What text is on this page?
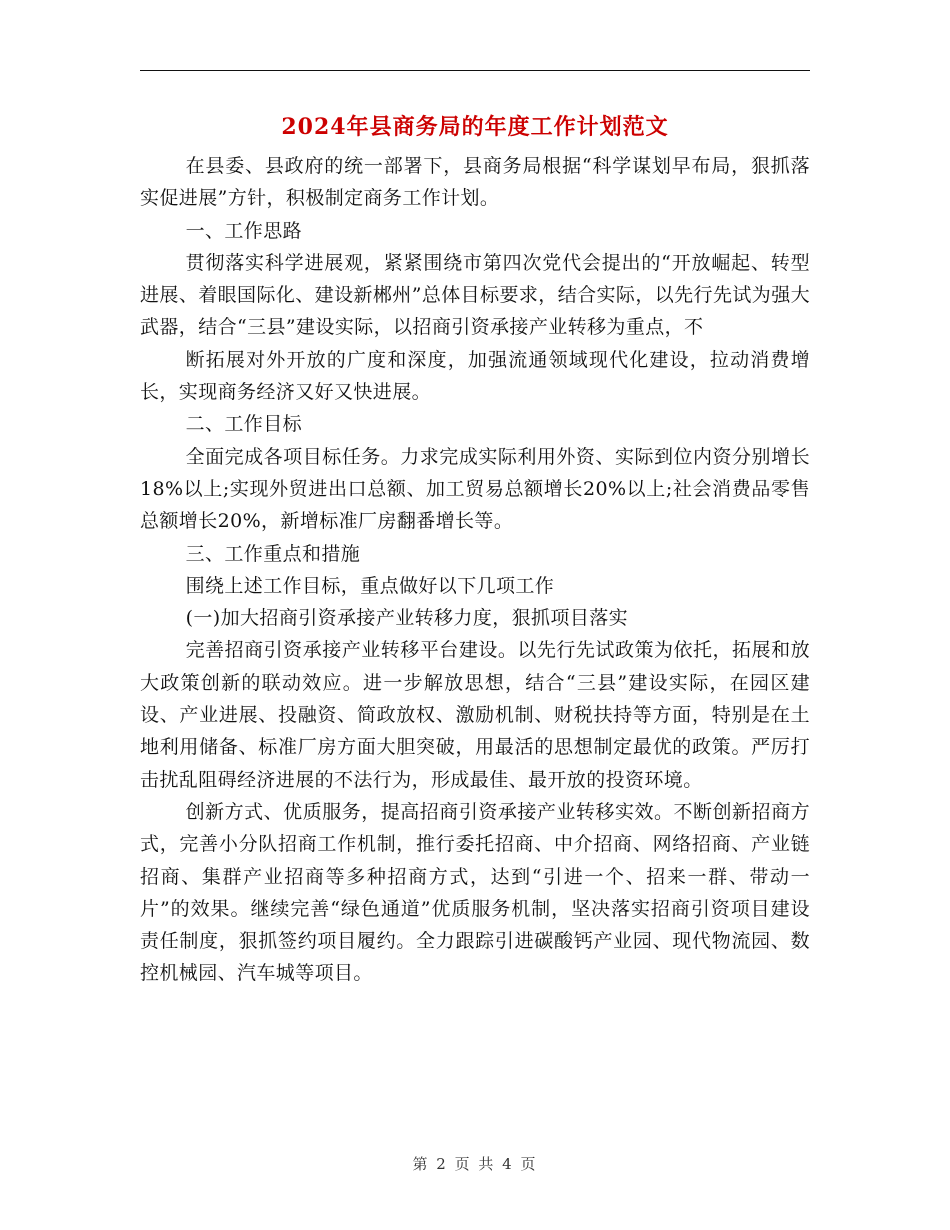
2024年县商务局的年度工作计划范文

在县委、县政府的统一部署下，县商务局根据“科学谋划早布局，狠抓落实促进展”方针，积极制定商务工作计划。

一、工作思路

贯彻落实科学进展观，紧紧围绕市第四次党代会提出的“开放崛起、转型进展、着眼国际化、建设新郴州”总体目标要求，结合实际，以先行先试为强大武器，结合“三县”建设实际，以招商引资承接产业转移为重点，不

断拓展对外开放的广度和深度，加强流通领域现代化建设，拉动消费增长，实现商务经济又好又快进展。

二、工作目标

全面完成各项目标任务。力求完成实际利用外资、实际到位内资分别增长18%以上;实现外贸进出口总额、加工贸易总额增长20%以上;社会消费品零售总额增长20%，新增标准厂房翻番增长等。

三、工作重点和措施

围绕上述工作目标，重点做好以下几项工作

(一)加大招商引资承接产业转移力度，狠抓项目落实

完善招商引资承接产业转移平台建设。以先行先试政策为依托，拓展和放大政策创新的联动效应。进一步解放思想，结合“三县”建设实际，在园区建设、产业进展、投融资、简政放权、激励机制、财税扶持等方面，特别是在土地利用储备、标准厂房方面大胆突破，用最活的思想制定最优的政策。严厉打击扰乱阻碍经济进展的不法行为，形成最佳、最开放的投资环境。

创新方式、优质服务，提高招商引资承接产业转移实效。不断创新招商方式，完善小分队招商工作机制，推行委托招商、中介招商、网络招商、产业链招商、集群产业招商等多种招商方式，达到“引进一个、招来一群、带动一片”的效果。继续完善“绿色通道”优质服务机制，坚决落实招商引资项目建设责任制度，狠抓签约项目履约。全力跟踪引进碳酸钙产业园、现代物流园、数控机械园、汽车城等项目。

第 2 页 共 4 页
